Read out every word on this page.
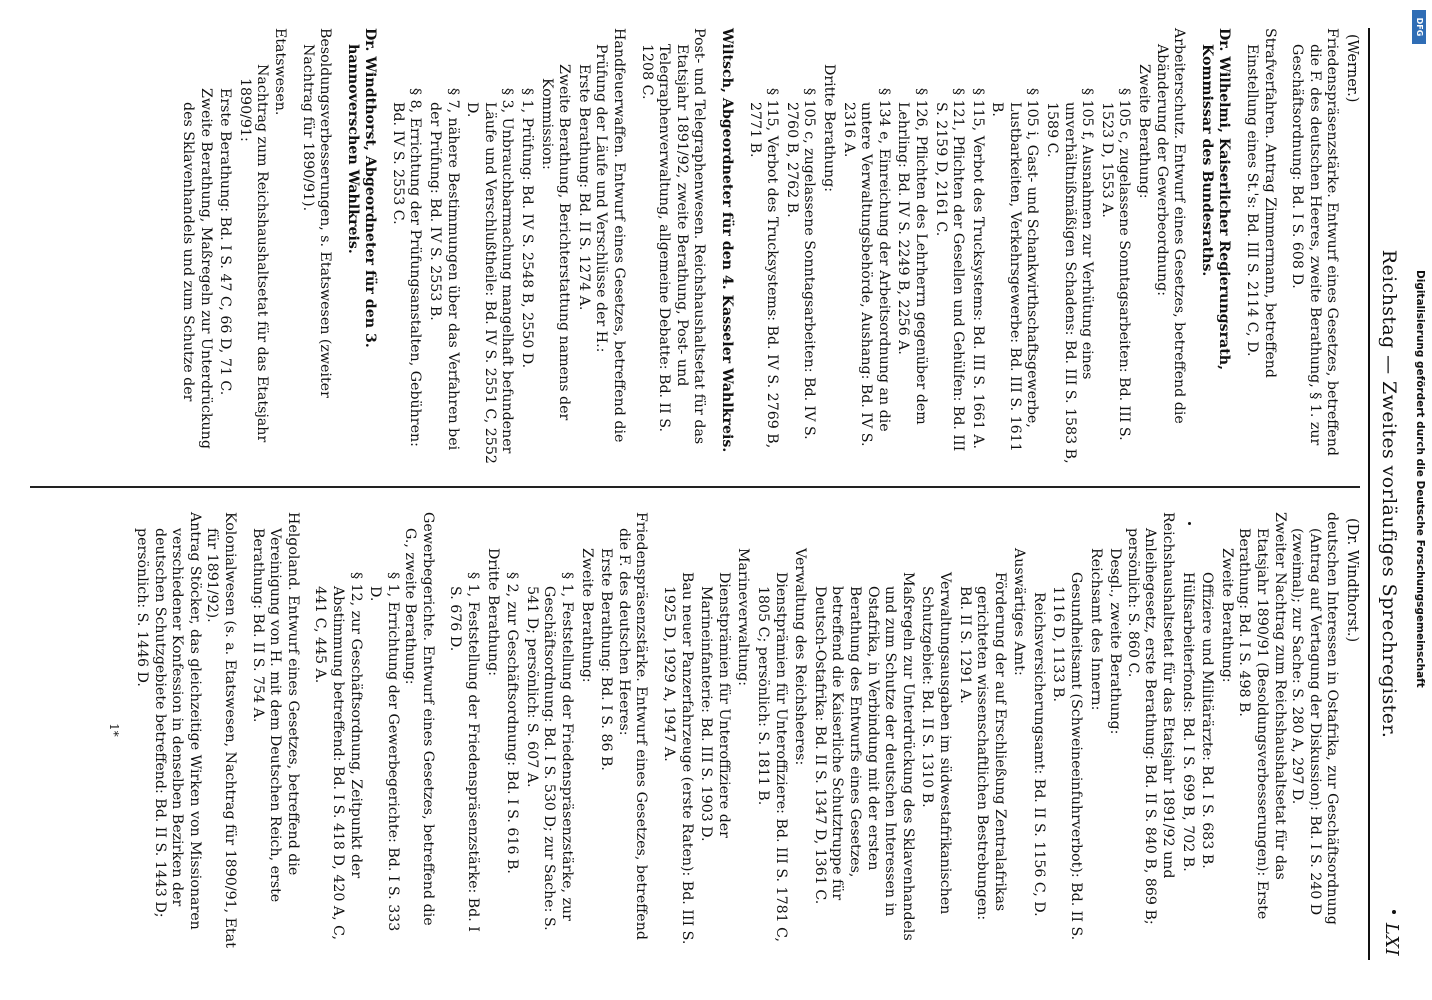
Reichstag — Zweites vorläufiges Sprechregister.
LXI
(Werner.)
Friedenspräsenzstärke. Entwurf eines Gesetzes, betreffend die F. des deutschen Heeres, zweite Berathung, § 1. zur Geschäftsordnung: Bd. I S. 608 D.
Strafverfahren. Antrag Zimmermann, betreffend Einstellung eines St.'s: Bd. III S. 2114 C, D.
Dr. Wilhelmi, Kaiserlicher Regierungsrath, Kommissar des Bundesraths.
Arbeiterschutz. Entwurf eines Gesetzes, betreffend die Abänderung der Gewerbeordnung:
Zweite Berathung:
§ 105 c, zugelassene Sonntagsarbeiten: Bd. III S. 1523 D, 1553 A.
§ 105 f, Ausnahmen zur Verhütung eines unverhältnißmäßigen Schadens: Bd. III S. 1583 B, 1589 C.
§ 105 i, Gast- und Schankwirthschaftsgewerbe, Lustbarkeiten, Verkehrsgewerbe: Bd. III S. 1611 B.
§ 115, Verbot des Trucksystems: Bd. III S. 1661 A.
§ 121, Pflichten der Gesellen und Gehülfen: Bd. III S. 2159 D, 2161 C.
§ 126, Pflichten des Lehrherrn gegenüber dem Lehrling: Bd. IV S. 2249 B, 2256 A.
§ 134 e, Einreichung der Arbeitsordnung an die untere Verwaltungsbehörde, Aushang: Bd. IV S. 2316 A.
Dritte Berathung:
§ 105 c, zugelassene Sonntagsarbeiten: Bd. IV S. 2760 B, 2762 B.
§ 115, Verbot des Trucksystems: Bd. IV S. 2769 B, 2771 B.
Wiltsch, Abgeordneter für den 4. Kasseler Wahlkreis.
Post- und Telegraphenwesen. Reichshaushaltsetat für das Etatsjahr 1891/92, zweite Berathung, Post- und Telegraphenverwaltung, allgemeine Debatte: Bd. II S. 1208 C.
Handfeuerwaffen. Entwurf eines Gesetzes, betreffend die Prüfung der Läufe und Verschlüsse der H.:
Erste Berathung: Bd. II S. 1274 A.
Zweite Berathung, Berichterstattung namens der Kommission:
§ 1, Prüfung: Bd. IV S. 2548 B, 2550 D.
§ 3, Unbrauchbarmachung mangelhaft befundener Läufe und Verschlußtheile: Bd. IV S. 2551 C, 2552 D.
§ 7, nähere Bestimmungen über das Verfahren bei der Prüfung: Bd. IV S. 2553 B.
§ 8, Errichtung der Prüfungsanstalten, Gebühren: Bd. IV S. 2553 C.
Dr. Windthorst, Abgeordneter für den 3. hannoverschen Wahlkreis.
Besoldungsverbesserungen, s. Etatswesen (zweiter Nachtrag für 1890/91).
Etatswesen.
Nachtrag zum Reichshaushaltsetat für das Etatsjahr 1890/91:
Erste Berathung: Bd. I S. 47 C, 66 D, 71 C.
Zweite Berathung, Maßregeln zur Unterdrückung des Sklavenhandels und zum Schutze der
(Dr. Windthorst.)
deutschen Interessen in Ostafrika, zur Geschäftsordnung (Antrag auf Vertagung der Diskussion): Bd. I S. 240 D (zweimal); zur Sache: S. 280 A, 297 D.
Zweiter Nachtrag zum Reichshaushaltsetat für das Etatsjahr 1890/91 (Besoldungsverbesserungen): Erste Berathung: Bd. I S. 498 B.
Zweite Berathung:
Offiziere und Militärärzte: Bd. I S. 683 B.
Hülfsarbeiterfonds: Bd. I S. 699 B, 702 B.
Reichshaushaltsetat für das Etatsjahr 1891/92 und Anleihegesetz, erste Berathung: Bd. II S. 840 B, 869 B; persönlich: S. 860 C.
Desgl., zweite Berathung:
Reichsamt des Innern:
Gesundheitsamt (Schweineeinfuhrverbot): Bd. II S. 1116 D, 1133 B.
Reichsversicherungsamt: Bd. II S. 1156 C, D.
Auswärtiges Amt:
Förderung der auf Erschließung Zentralafrikas gerichteten wissenschaftlichen Bestrebungen: Bd. II S. 1291 A.
Verwaltungsausgaben im südwestafrikanischen Schutzgebiet: Bd. II S. 1310 B.
Maßregeln zur Unterdrückung des Sklavenhandels und zum Schutze der deutschen Interessen in Ostafrika, in Verbindung mit der ersten Berathung des Entwurfs eines Gesetzes, betreffend die Kaiserliche Schutztruppe für Deutsch-Ostafrika: Bd. II S. 1347 D, 1361 C.
Verwaltung des Reichsheeres:
Dienstprämien für Unteroffiziere: Bd. III S. 1781 C, 1805 C; persönlich: S. 1811 B.
Marineverwaltung:
Dienstprämien für Unteroffiziere der Marineinfanterie: Bd. III S. 1903 D.
Bau neuer Panzerfahrzeuge (erste Raten): Bd. III S. 1925 D, 1929 A, 1947 A.
Friedenspräsenzstärke. Entwurf eines Gesetzes, betreffend die F. des deutschen Heeres:
Erste Berathung: Bd. I S. 86 B.
Zweite Berathung:
§ 1, Feststellung der Friedenspräsenzstärke, zur Geschäftsordnung: Bd. I S. 530 D; zur Sache: S. 541 D; persönlich: S. 607 A.
§ 2, zur Geschäftsordnung: Bd. I S. 616 B.
Dritte Berathung:
§ 1, Feststellung der Friedenspräsenzstärke: Bd. I S. 676 D.
Gewerbegerichte. Entwurf eines Gesetzes, betreffend die G., zweite Berathung:
§ 1, Errichtung der Gewerbegerichte: Bd. I S. 333 D.
§ 12, zur Geschäftsordnung, Zeitpunkt der Abstimmung betreffend: Bd. I S. 418 D, 420 A, C, 441 C, 445 A.
Helgoland. Entwurf eines Gesetzes, betreffend die Vereinigung von H. mit dem Deutschen Reich, erste Berathung: Bd. II S. 754 A.
Kolonialwesen (s. a. Etatswesen, Nachtrag für 1890/91, Etat für 1891/92).
Antrag Stöcker, das gleichzeitige Wirken von Missionaren verschiedener Konfession in denselben Bezirken der deutschen Schutzgebiete betreffend: Bd. II S. 1443 D; persönlich: S. 1446 D.
1*
DFG
Digitalisierung gefördert durch die Deutsche Forschungsgemeinschaft
